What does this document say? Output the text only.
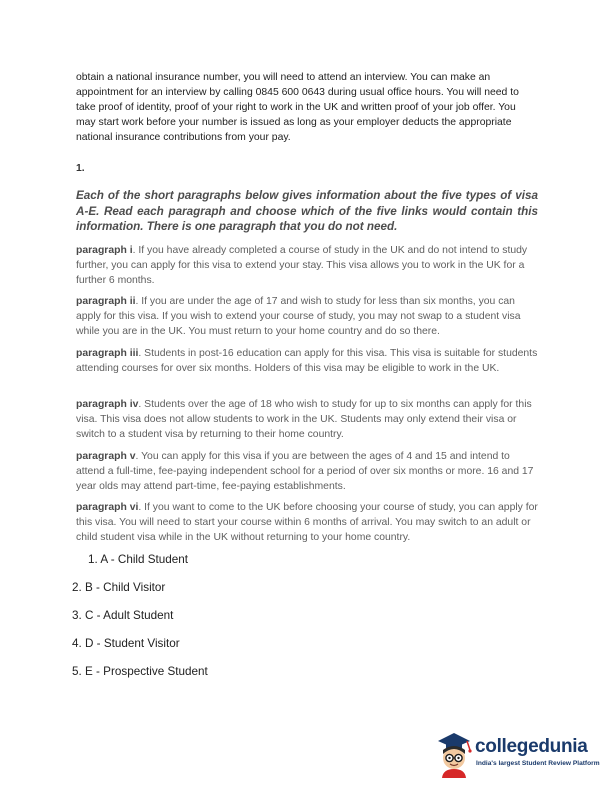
obtain a national insurance number, you will need to attend an interview. You can make an appointment for an interview by calling 0845 600 0643 during usual office hours. You will need to take proof of identity, proof of your right to work in the UK and written proof of your job offer. You may start work before your number is issued as long as your employer deducts the appropriate national insurance contributions from your pay.

1.

Each of the short paragraphs below gives information about the five types of visa A-E. Read each paragraph and choose which of the five links would contain this information. There is one paragraph that you do not need.

paragraph i. If you have already completed a course of study in the UK and do not intend to study further, you can apply for this visa to extend your stay. This visa allows you to work in the UK for a further 6 months.

paragraph ii. If you are under the age of 17 and wish to study for less than six months, you can apply for this visa. If you wish to extend your course of study, you may not swap to a student visa while you are in the UK. You must return to your home country and do so there.

paragraph iii. Students in post-16 education can apply for this visa. This visa is suitable for students attending courses for over six months. Holders of this visa may be eligible to work in the UK.

paragraph iv. Students over the age of 18 who wish to study for up to six months can apply for this visa. This visa does not allow students to work in the UK. Students may only extend their visa or switch to a student visa by returning to their home country.

paragraph v. You can apply for this visa if you are between the ages of 4 and 15 and intend to attend a full-time, fee-paying independent school for a period of over six months or more. 16 and 17 year olds may attend part-time, fee-paying establishments.

paragraph vi. If you want to come to the UK before choosing your course of study, you can apply for this visa. You will need to start your course within 6 months of arrival. You may switch to an adult or child student visa while in the UK without returning to your home country.

1. A - Child Student

2. B - Child Visitor

3. C - Adult Student

4. D - Student Visitor

5. E - Prospective Student

collegedunia
India's largest Student Review Platform
